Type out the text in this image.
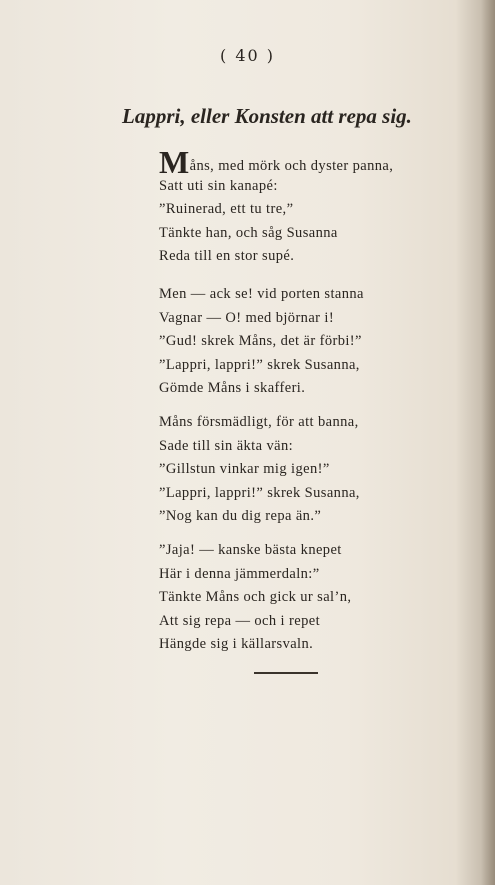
( 40 )
Lappri, eller Konsten att repa sig.
Måns, med mörk och dyster panna,
Satt uti sin kanapé:
”Ruinerad, ett tu tre,”
Tänkte han, och såg Susanna
Reda till en stor supé.
Men — ack se! vid porten stanna
Vagnar — O! med björnar i!
”Gud! skrek Måns, det är förbi!”
”Lappri, lappri!” skrek Susanna,
Gömde Måns i skafferi.
Måns försmädligt, för att banna,
Sade till sin äkta vän:
”Gillstun vinkar mig igen!”
”Lappri, lappri!” skrek Susanna,
”Nog kan du dig repa än.”
”Jaja! — kanske bästa knepet
Här i denna jämmerdaln:”
Tänkte Måns och gick ur sal’n,
Att sig repa — och i repet
Hängde sig i källarsvaln.
